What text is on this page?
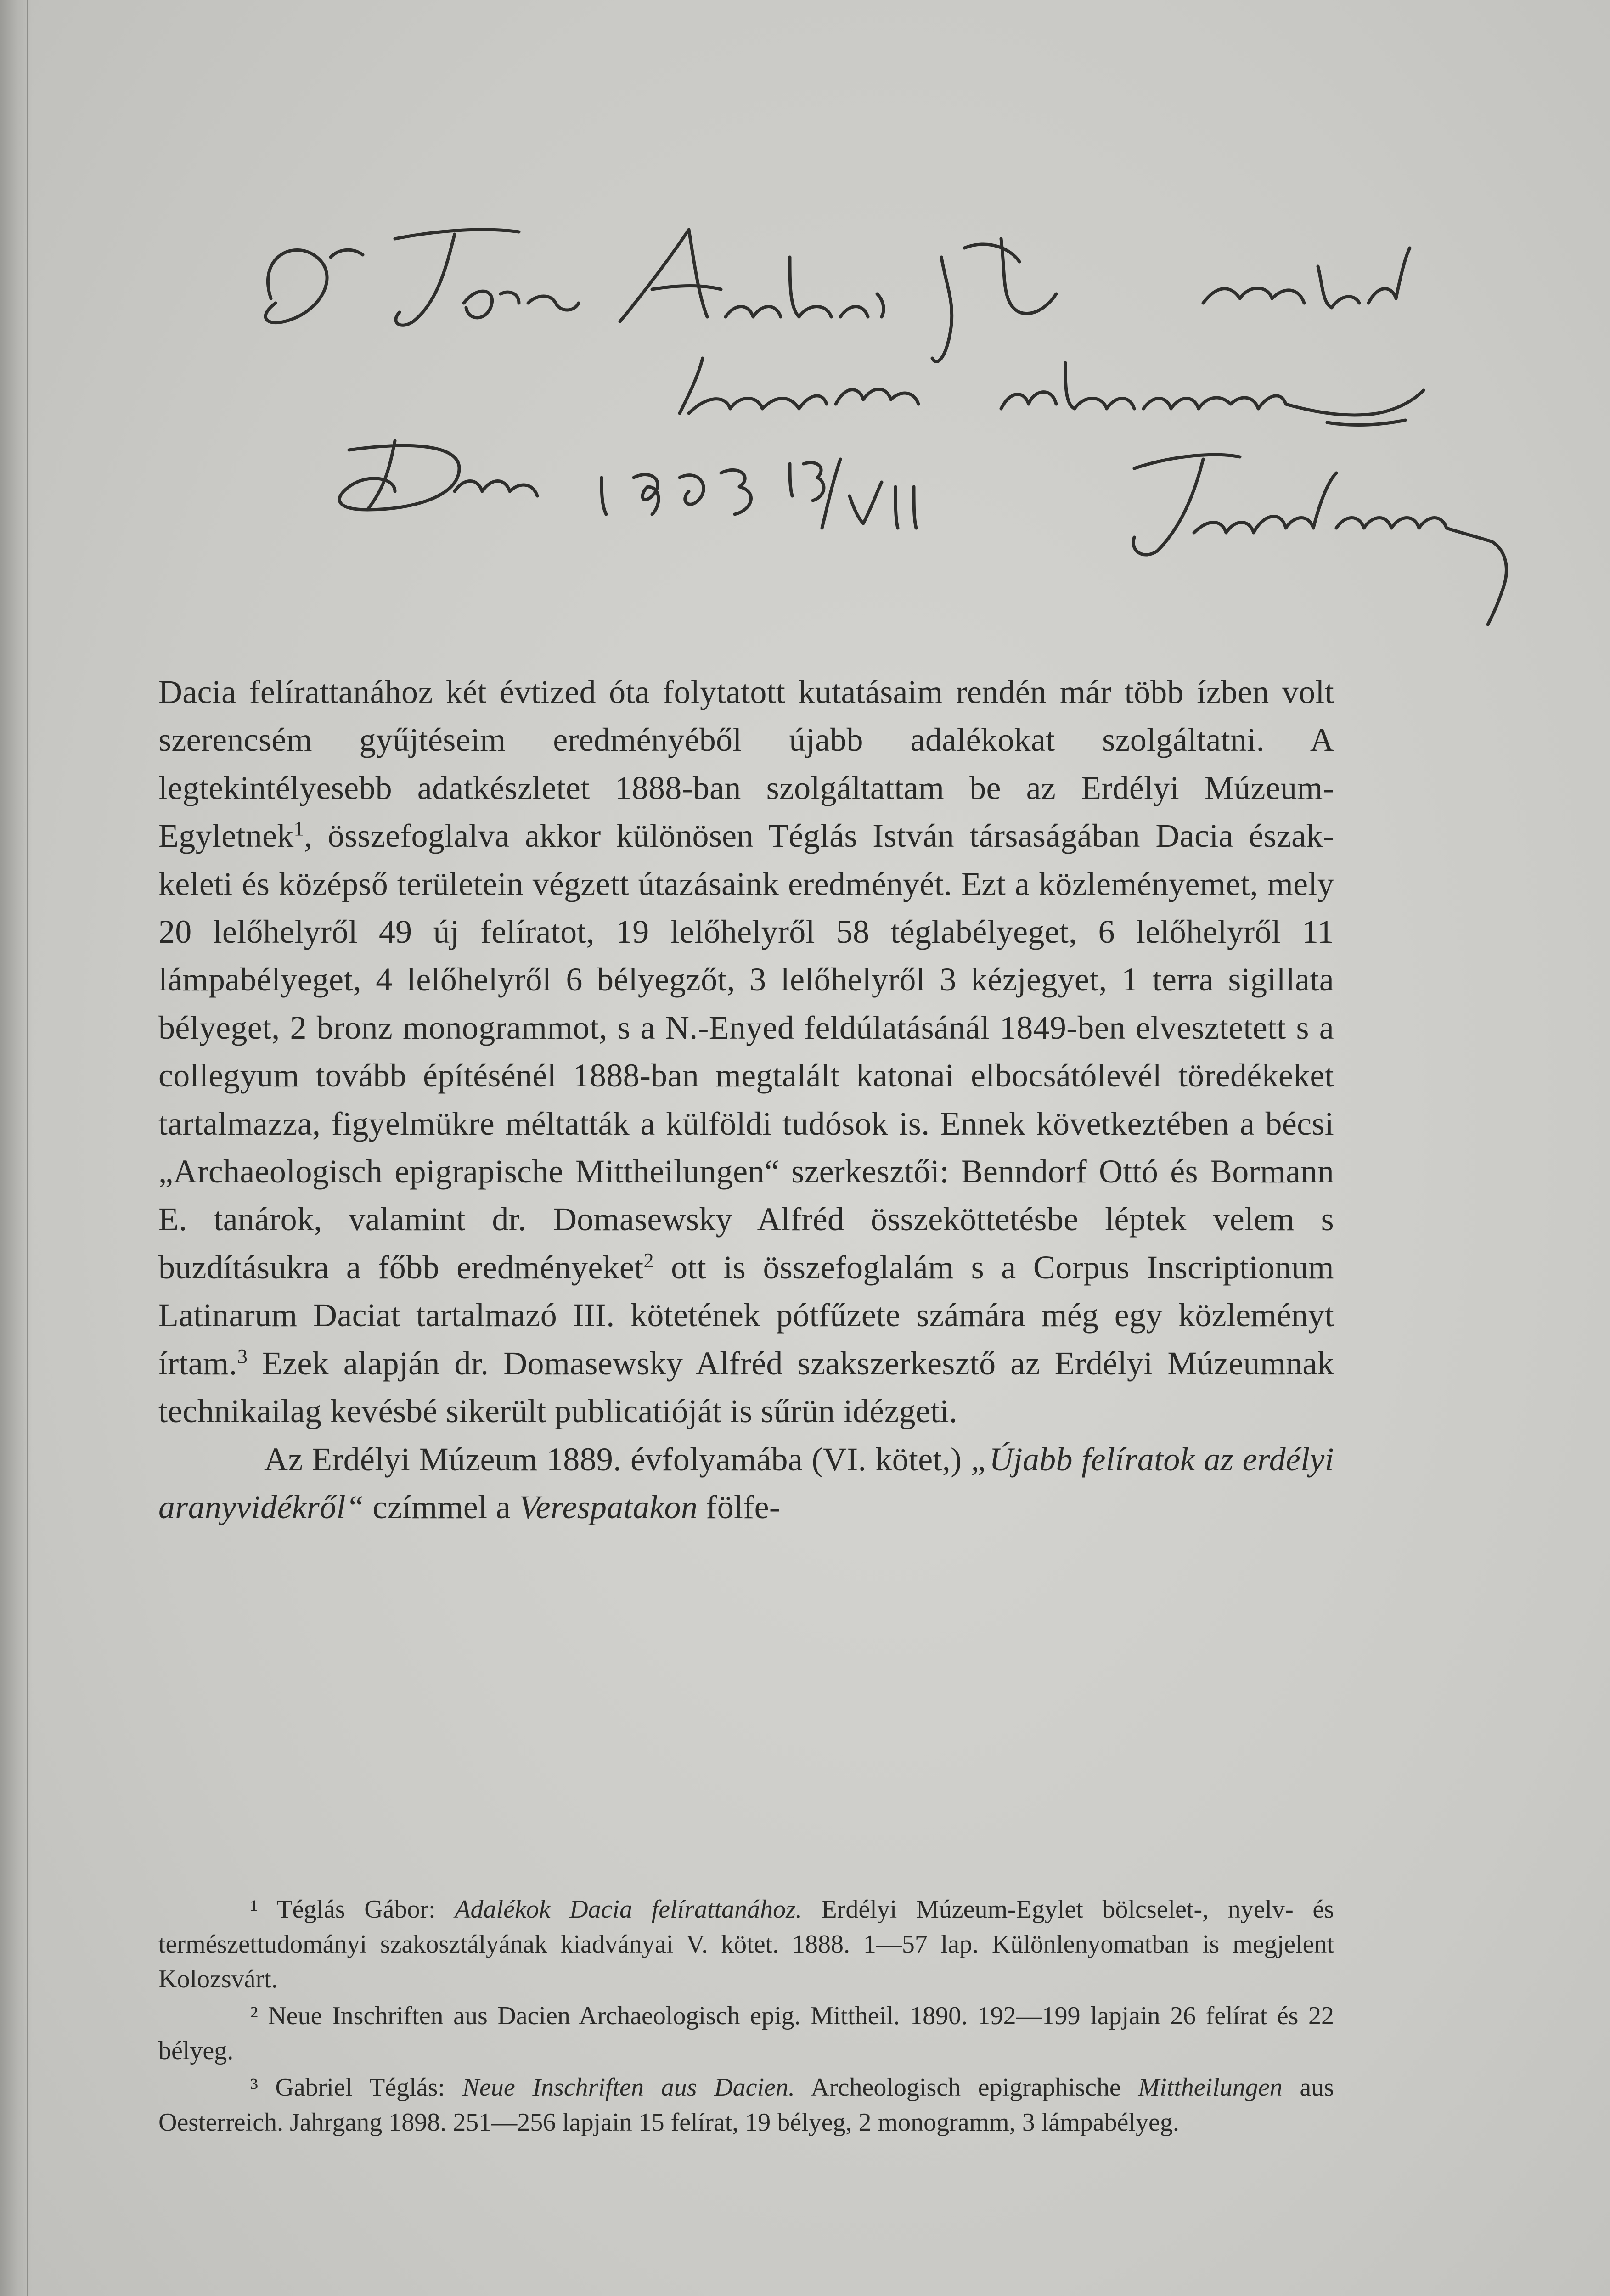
Dacia felírattanához két évtized óta folytatott kutatásaim rendén már több ízben volt szerencsém gyűjtéseim eredményéből újabb adalékokat szolgáltatni. A legtekintélyesebb adatkészletet 1888-ban szolgáltattam be az Erdélyi Múzeum-Egyletnek$^1$, összefoglalva akkor különösen Téglás István társaságában Dacia észak-keleti és középső területein végzett útazásaink eredményét. Ezt a közleményemet, mely 20 lelőhelyről 49 új felíratot, 19 lelőhelyről 58 téglabélyeget, 6 lelőhelyről 11 lámpabélyeget, 4 lelőhelyről 6 bélyegzőt, 3 lelőhelyről 3 kézjegyet, 1 terra sigillata bélyeget, 2 bronz monogrammot, s a N.-Enyed feldúlatásánál 1849-ben elvesztetett s a collegyum tovább építésénél 1888-ban megtalált katonai elbocsátólevél töredékeket tartalmazza, figyelmükre méltatták a külföldi tudósok is. Ennek következtében a bécsi „Archaeologisch epigrapische Mittheilungen“ szerkesztői: Benndorf Ottó és Bormann E. tanárok, valamint dr. Domasewsky Alfréd összeköttetésbe léptek velem s buzdításukra a főbb eredményeket$^2$ ott is összefoglalám s a Corpus Inscriptionum Latinarum Daciat tartalmazó III. kötetének pótfűzete számára még egy közleményt írtam.$^3$ Ezek alapján dr. Domasewsky Alfréd szakszerkesztő az Erdélyi Múzeumnak technikailag kevésbé sikerült publicatióját is sűrün idézgeti.

Az Erdélyi Múzeum 1889. évfolyamába (VI. kötet,) „Újabb felíratok az erdélyi aranyvidékről“ czímmel a Verespatakon fölfe-

¹ Téglás Gábor: Adalékok Dacia felírattanához. Erdélyi Múzeum-Egylet bölcselet-, nyelv- és természettudományi szakosztályának kiadványai V. kötet. 1888. 1—57 lap. Különlenyomatban is megjelent Kolozsvárt.

² Neue Inschriften aus Dacien Archaeologisch epig. Mittheil. 1890. 192—199 lapjain 26 felírat és 22 bélyeg.

³ Gabriel Téglás: Neue Inschriften aus Dacien. Archeologisch epigraphische Mittheilungen aus Oesterreich. Jahrgang 1898. 251—256 lapjain 15 felírat, 19 bélyeg, 2 monogramm, 3 lámpabélyeg.
